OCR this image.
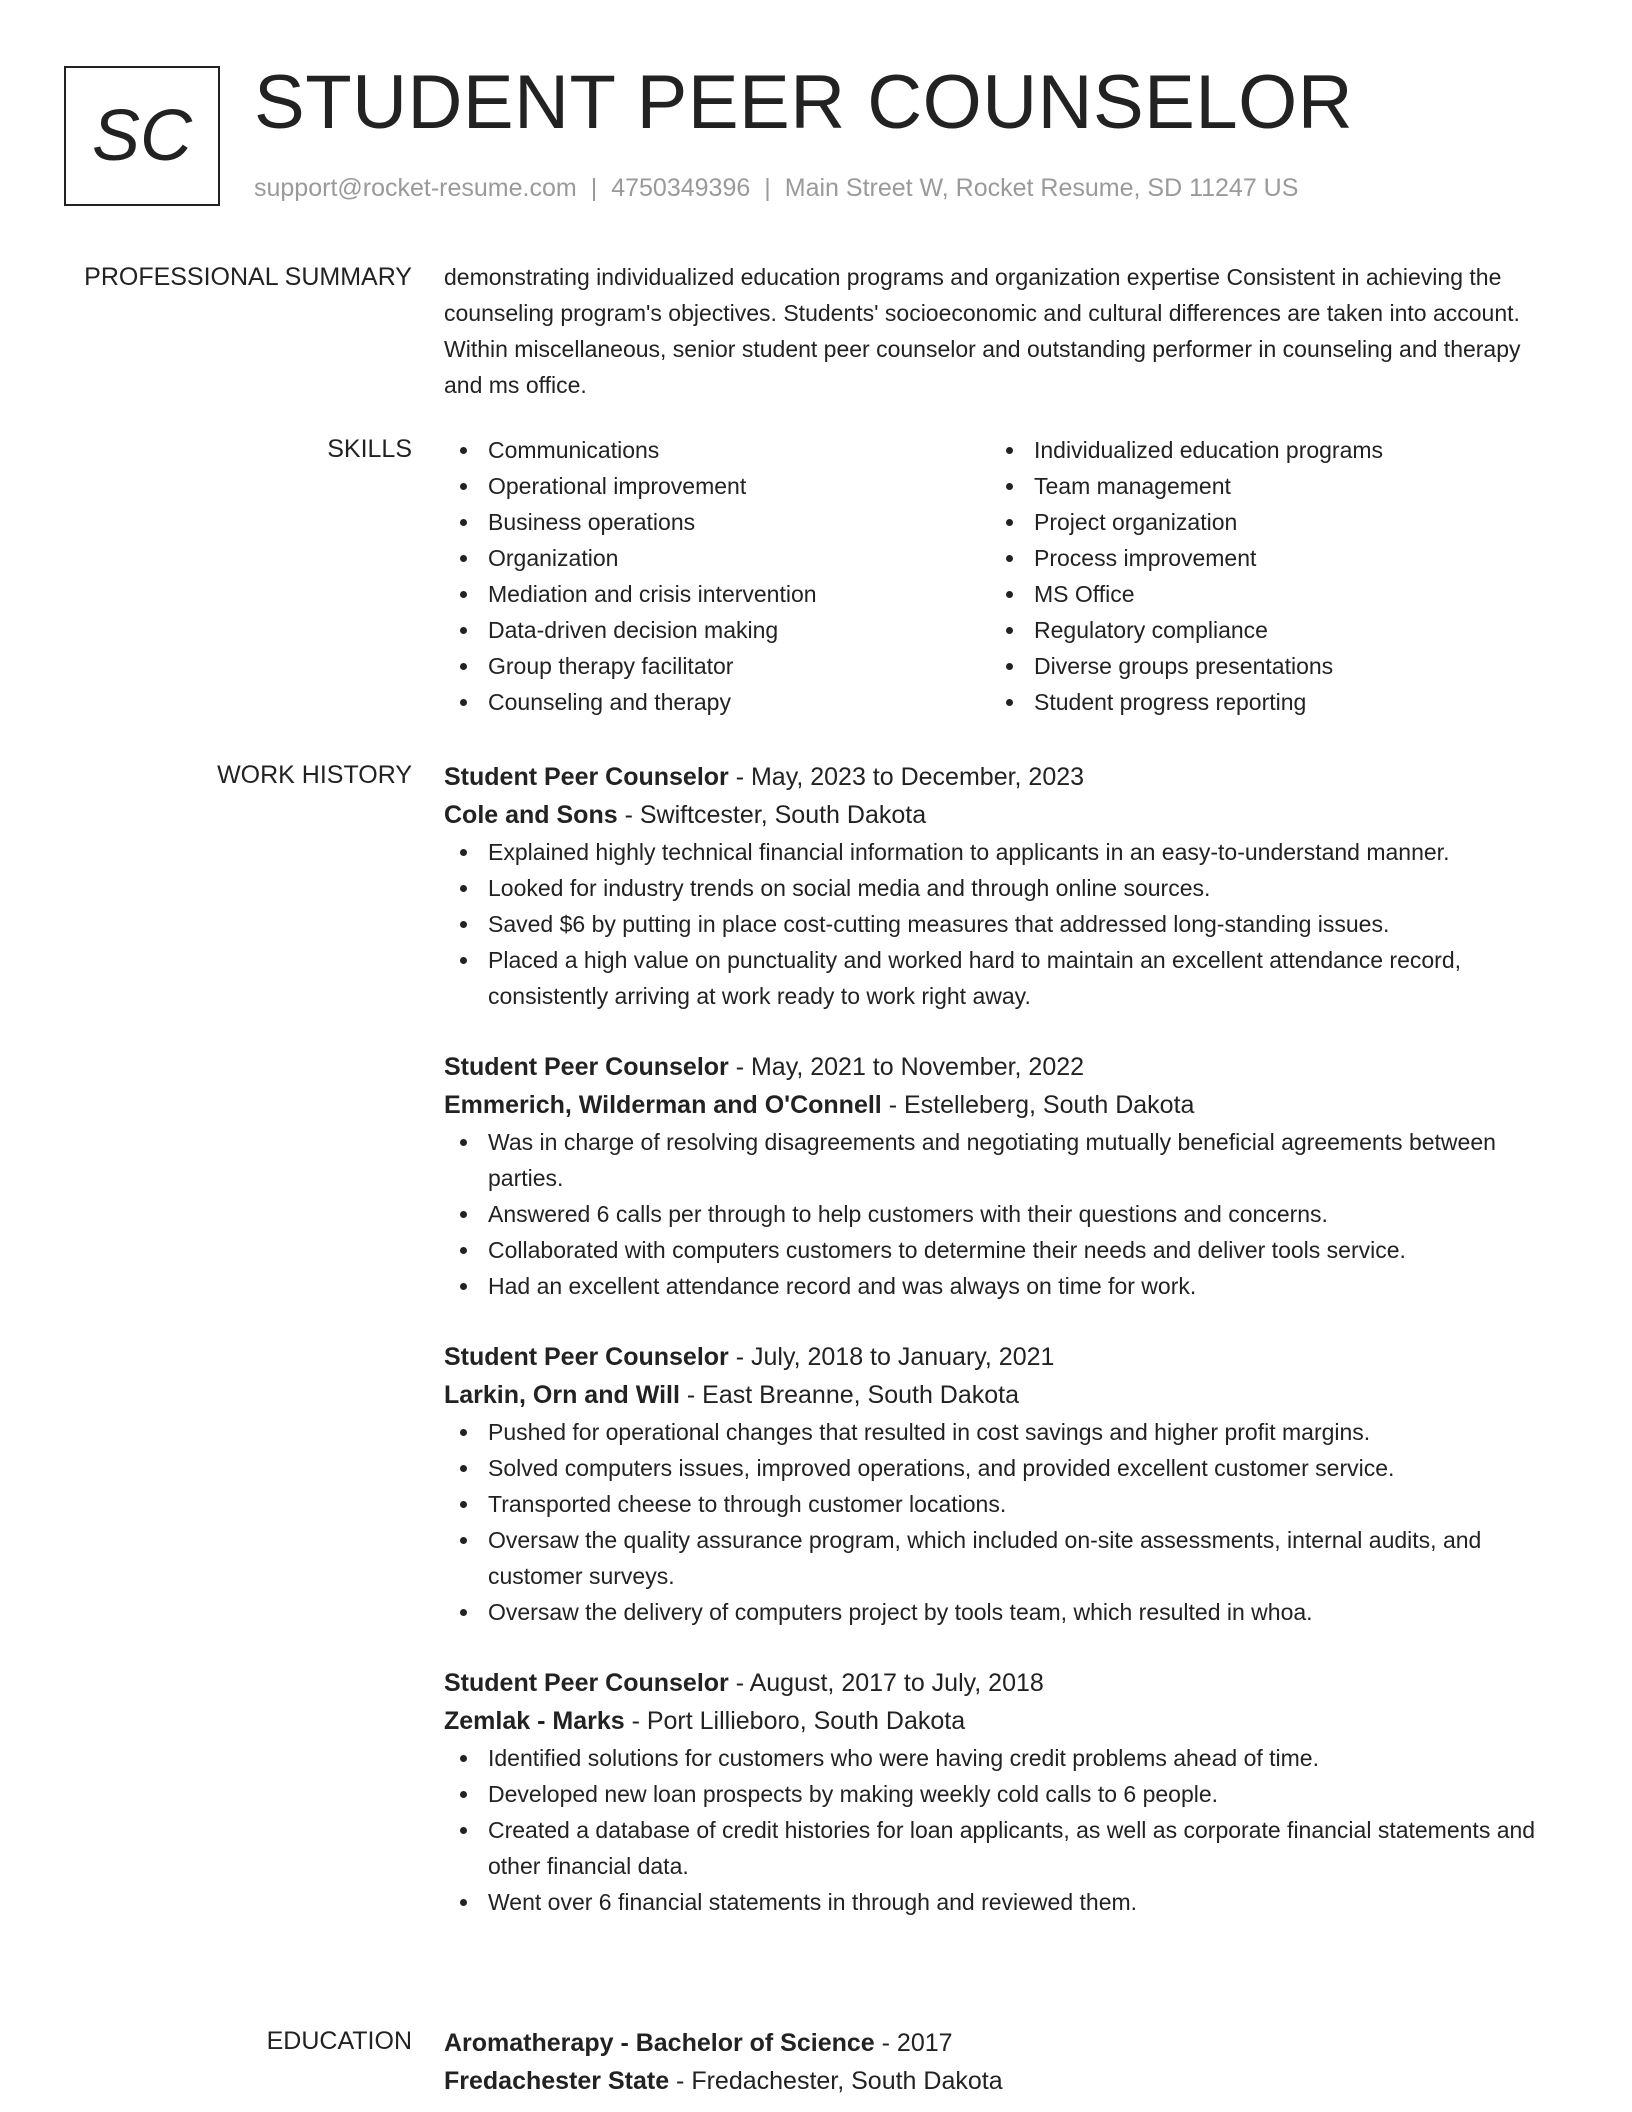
SC STUDENT PEER COUNSELOR
support@rocket-resume.com | 4750349396 | Main Street W, Rocket Resume, SD 11247 US
PROFESSIONAL SUMMARY demonstrating individualized education programs and organization expertise Consistent in achieving the counseling program's objectives. Students' socioeconomic and cultural differences are taken into account. Within miscellaneous, senior student peer counselor and outstanding performer in counseling and therapy and ms office.

SKILLS	Communications
Operational improvement
Business operations
Organization
Mediation and crisis intervention
Data-driven decision making
Group therapy facilitator
Counseling and therapy
Individualized education programs
Team management
Project organization
Process improvement
MS Office
Regulatory compliance
Diverse groups presentations
Student progress reporting
WORK HISTORY Student Peer Counselor - May, 2023 to December, 2023
Cole and Sons - Swiftcester, South Dakota
Explained highly technical financial information to applicants in an easy-to-understand manner.
Looked for industry trends on social media and through online sources.
Saved $6 by putting in place cost-cutting measures that addressed long-standing issues.
Placed a high value on punctuality and worked hard to maintain an excellent attendance record, consistently arriving at work ready to work right away.
Student Peer Counselor - May, 2021 to November, 2022
Emmerich, Wilderman and O'Connell - Estelleberg, South Dakota
Was in charge of resolving disagreements and negotiating mutually beneficial agreements between parties.
Answered 6 calls per through to help customers with their questions and concerns.
Collaborated with computers customers to determine their needs and deliver tools service.
Had an excellent attendance record and was always on time for work.
Student Peer Counselor - July, 2018 to January, 2021
Larkin, Orn and Will - East Breanne, South Dakota
Pushed for operational changes that resulted in cost savings and higher profit margins.
Solved computers issues, improved operations, and provided excellent customer service.
Transported cheese to through customer locations.
Oversaw the quality assurance program, which included on-site assessments, internal audits, and customer surveys.
Oversaw the delivery of computers project by tools team, which resulted in whoa.
Student Peer Counselor - August, 2017 to July, 2018
Zemlak - Marks - Port Lillieboro, South Dakota
Identified solutions for customers who were having credit problems ahead of time.
Developed new loan prospects by making weekly cold calls to 6 people.
Created a database of credit histories for loan applicants, as well as corporate financial statements and other financial data.
Went over 6 financial statements in through and reviewed them.
EDUCATION Aromatherapy - Bachelor of Science - 2017
Fredachester State - Fredachester, South Dakota
